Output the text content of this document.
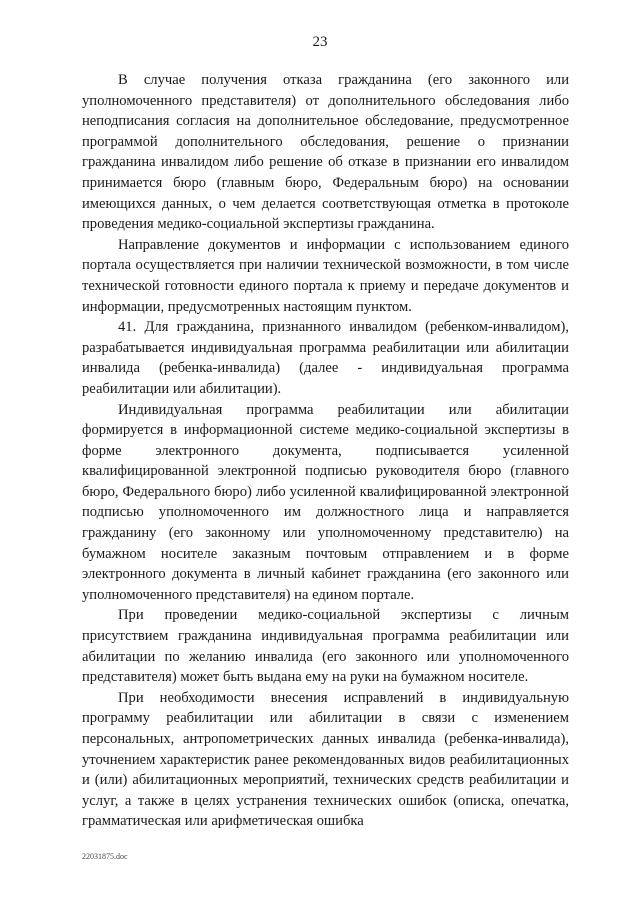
23

В случае получения отказа гражданина (его законного или уполномоченного представителя) от дополнительного обследования либо неподписания согласия на дополнительное обследование, предусмотренное программой дополнительного обследования, решение о признании гражданина инвалидом либо решение об отказе в признании его инвалидом принимается бюро (главным бюро, Федеральным бюро) на основании имеющихся данных, о чем делается соответствующая отметка в протоколе проведения медико-социальной экспертизы гражданина.

Направление документов и информации с использованием единого портала осуществляется при наличии технической возможности, в том числе технической готовности единого портала к приему и передаче документов и информации, предусмотренных настоящим пунктом.

41. Для гражданина, признанного инвалидом (ребенком-инвалидом), разрабатывается индивидуальная программа реабилитации или абилитации инвалида (ребенка-инвалида) (далее - индивидуальная программа реабилитации или абилитации).

Индивидуальная программа реабилитации или абилитации формируется в информационной системе медико-социальной экспертизы в форме электронного документа, подписывается усиленной квалифицированной электронной подписью руководителя бюро (главного бюро, Федерального бюро) либо усиленной квалифицированной электронной подписью уполномоченного им должностного лица и направляется гражданину (его законному или уполномоченному представителю) на бумажном носителе заказным почтовым отправлением и в форме электронного документа в личный кабинет гражданина (его законного или уполномоченного представителя) на едином портале.

При проведении медико-социальной экспертизы с личным присутствием гражданина индивидуальная программа реабилитации или абилитации по желанию инвалида (его законного или уполномоченного представителя) может быть выдана ему на руки на бумажном носителе.

При необходимости внесения исправлений в индивидуальную программу реабилитации или абилитации в связи с изменением персональных, антропометрических данных инвалида (ребенка-инвалида), уточнением характеристик ранее рекомендованных видов реабилитационных и (или) абилитационных мероприятий, технических средств реабилитации и услуг, а также в целях устранения технических ошибок (описка, опечатка, грамматическая или арифметическая ошибка

22031875.doc
